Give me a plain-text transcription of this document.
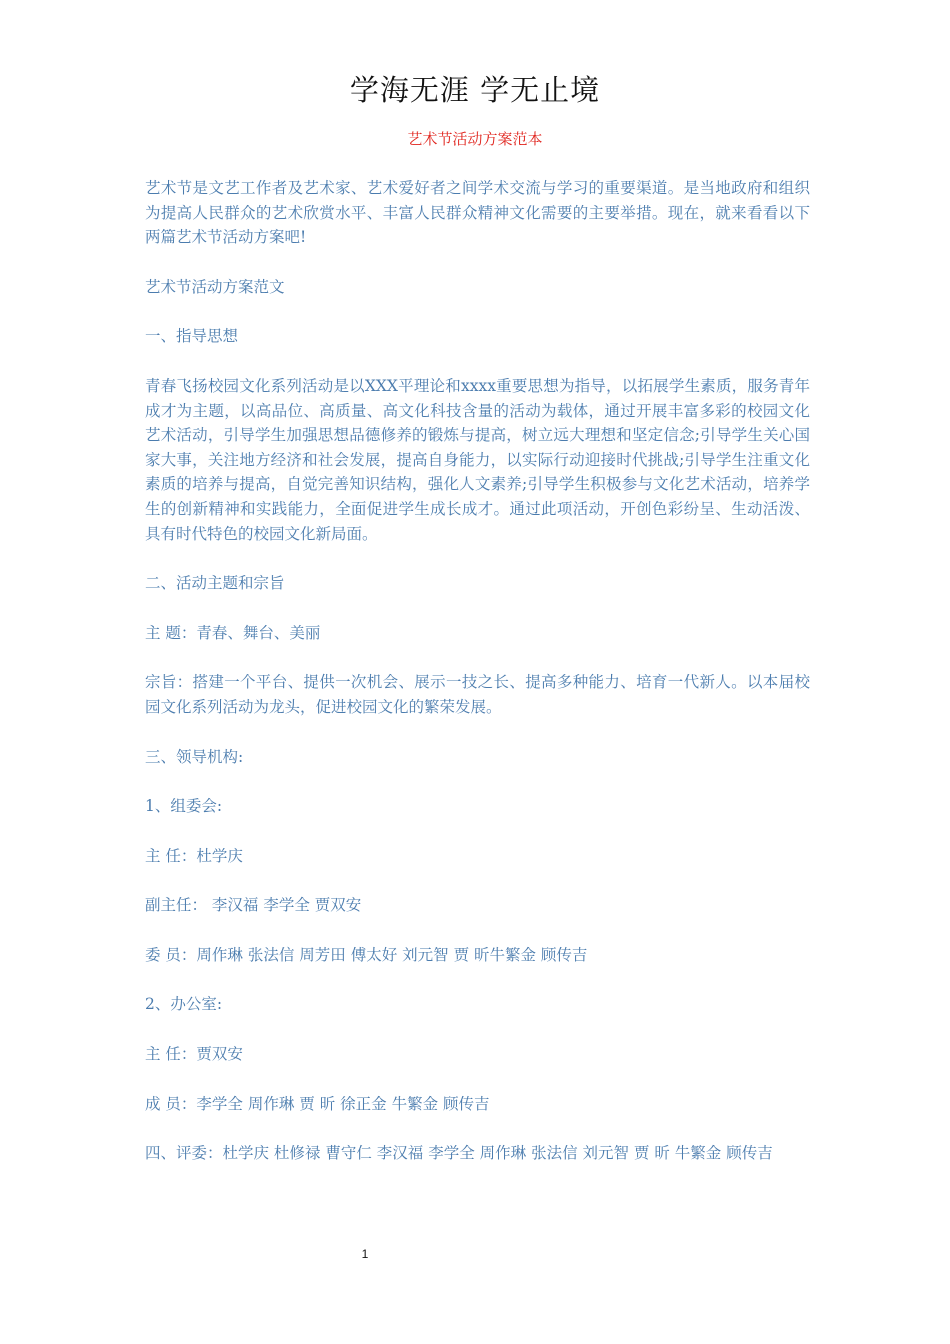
学海无涯 学无止境
艺术节活动方案范本

艺术节是文艺工作者及艺术家、艺术爱好者之间学术交流与学习的重要渠道。是当地政府和组织为提高人民群众的艺术欣赏水平、丰富人民群众精神文化需要的主要举措。现在，就来看看以下两篇艺术节活动方案吧!

艺术节活动方案范文

一、指导思想

青春飞扬校园文化系列活动是以XXX平理论和xxxx重要思想为指导，以拓展学生素质，服务青年成才为主题，以高品位、高质量、高文化科技含量的活动为载体，通过开展丰富多彩的校园文化艺术活动，引导学生加强思想品德修养的锻炼与提高，树立远大理想和坚定信念;引导学生关心国家大事，关注地方经济和社会发展，提高自身能力，以实际行动迎接时代挑战;引导学生注重文化素质的培养与提高，自觉完善知识结构，强化人文素养;引导学生积极参与文化艺术活动，培养学生的创新精神和实践能力，全面促进学生成长成才。通过此项活动，开创色彩纷呈、生动活泼、具有时代特色的校园文化新局面。

二、活动主题和宗旨

主 题：青春、舞台、美丽

宗旨：搭建一个平台、提供一次机会、展示一技之长、提高多种能力、培育一代新人。以本届校园文化系列活动为龙头，促进校园文化的繁荣发展。

三、领导机构:

1、组委会:

主 任：杜学庆

副主任： 李汉福 李学全 贾双安

委 员：周作琳 张法信 周芳田 傅太好 刘元智 贾 昕牛繁金 顾传吉

2、办公室:

主 任：贾双安

成 员：李学全 周作琳 贾 昕 徐正金 牛繁金 顾传吉

四、评委：杜学庆 杜修禄 曹守仁 李汉福 李学全 周作琳 张法信 刘元智 贾 昕 牛繁金 顾传吉

1
